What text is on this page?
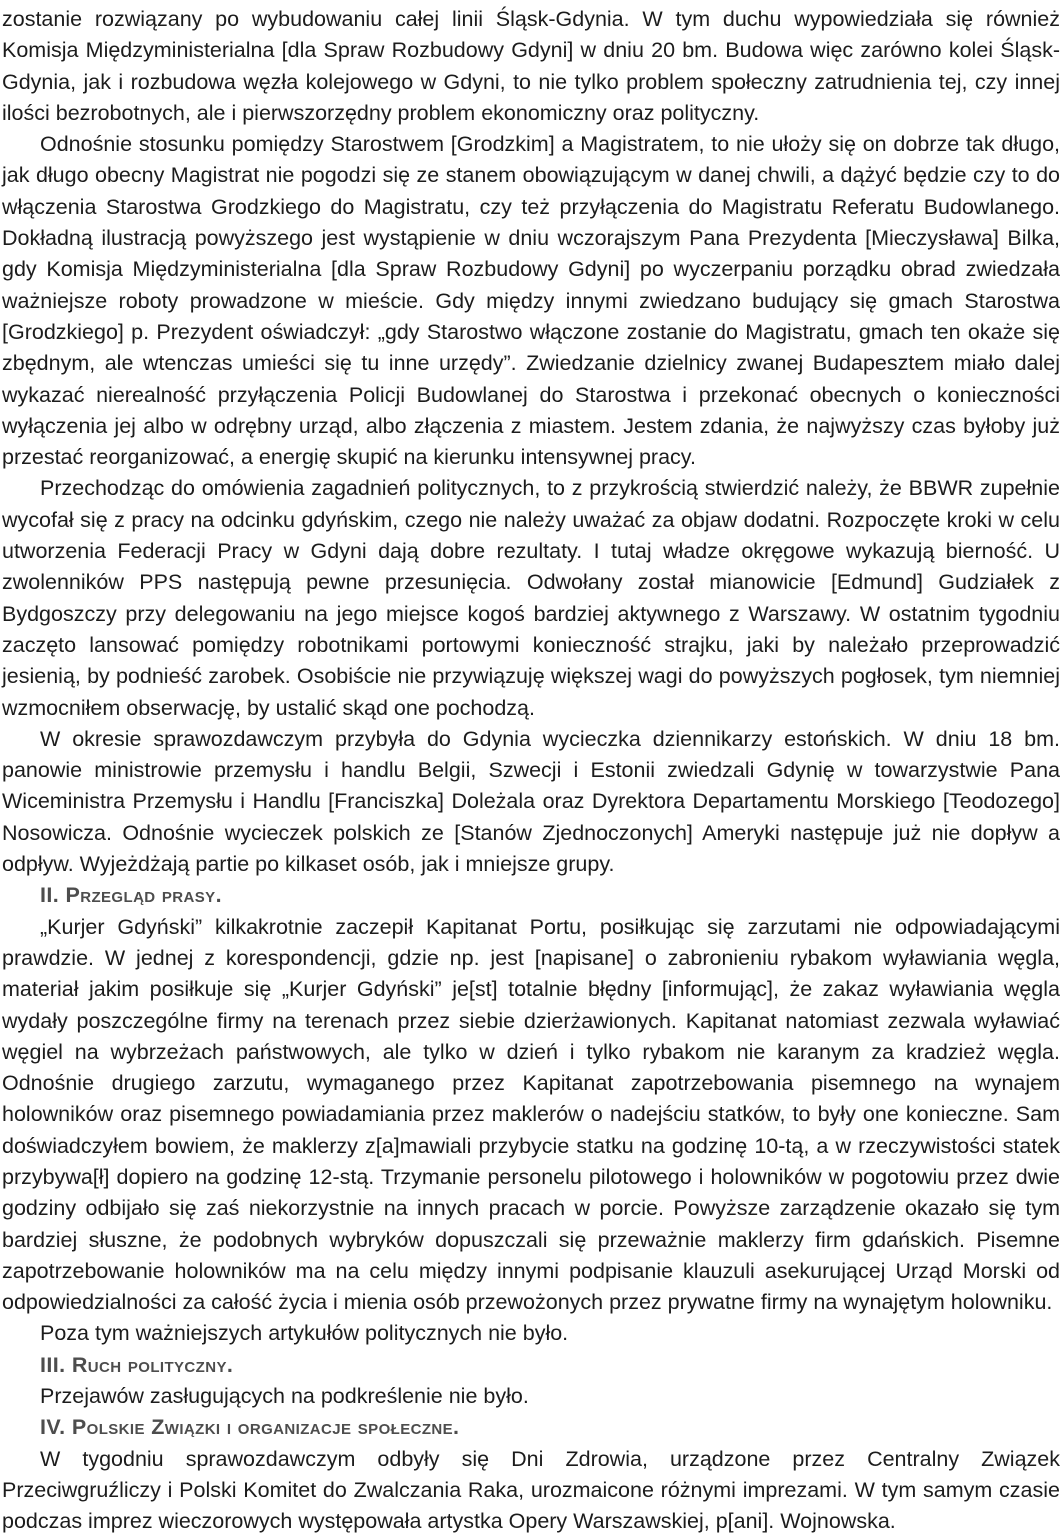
zostanie rozwiązany po wybudowaniu całej linii Śląsk-Gdynia. W tym duchu wypowiedziała się również Komisja Międzyministerialna [dla Spraw Rozbudowy Gdyni] w dniu 20 bm. Budowa więc zarówno kolei Śląsk-Gdynia, jak i rozbudowa węzła kolejowego w Gdyni, to nie tylko problem społeczny zatrudnienia tej, czy innej ilości bezrobotnych, ale i pierwszorzędny problem ekonomiczny oraz polityczny.

Odnośnie stosunku pomiędzy Starostwem [Grodzkim] a Magistratem, to nie ułoży się on dobrze tak długo, jak długo obecny Magistrat nie pogodzi się ze stanem obowiązującym w danej chwili, a dążyć będzie czy to do włączenia Starostwa Grodzkiego do Magistratu, czy też przyłączenia do Magistratu Referatu Budowlanego. Dokładną ilustracją powyższego jest wystąpienie w dniu wczorajszym Pana Prezydenta [Mieczysława] Bilka, gdy Komisja Międzyministerialna [dla Spraw Rozbudowy Gdyni] po wyczerpaniu porządku obrad zwiedzała ważniejsze roboty prowadzone w mieście. Gdy między innymi zwiedzano budujący się gmach Starostwa [Grodzkiego] p. Prezydent oświadczył: „gdy Starostwo włączone zostanie do Magistratu, gmach ten okaże się zbędnym, ale wtenczas umieści się tu inne urzędy”. Zwiedzanie dzielnicy zwanej Budapesztem miało dalej wykazać nierealność przyłączenia Policji Budowlanej do Starostwa i przekonać obecnych o konieczności wyłączenia jej albo w odrębny urząd, albo złączenia z miastem. Jestem zdania, że najwyższy czas byłoby już przestać reorganizować, a energię skupić na kierunku intensywnej pracy.

Przechodząc do omówienia zagadnień politycznych, to z przykrością stwierdzić należy, że BBWR zupełnie wycofał się z pracy na odcinku gdyńskim, czego nie należy uważać za objaw dodatni. Rozpoczęte kroki w celu utworzenia Federacji Pracy w Gdyni dają dobre rezultaty. I tutaj władze okręgowe wykazują bierność. U zwolenników PPS następują pewne przesunięcia. Odwołany został mianowicie [Edmund] Gudziałek z Bydgoszczy przy delegowaniu na jego miejsce kogoś bardziej aktywnego z Warszawy. W ostatnim tygodniu zaczęto lansować pomiędzy robotnikami portowymi konieczność strajku, jaki by należało przeprowadzić jesienią, by podnieść zarobek. Osobiście nie przywiązuję większej wagi do powyższych pogłosek, tym niemniej wzmocniłem obserwację, by ustalić skąd one pochodzą.

W okresie sprawozdawczym przybyła do Gdynia wycieczka dziennikarzy estońskich. W dniu 18 bm. panowie ministrowie przemysłu i handlu Belgii, Szwecji i Estonii zwiedzali Gdynię w towarzystwie Pana Wiceministra Przemysłu i Handlu [Franciszka] Doleżala oraz Dyrektora Departamentu Morskiego [Teodozego] Nosowicza. Odnośnie wycieczek polskich ze [Stanów Zjednoczonych] Ameryki następuje już nie dopływ a odpływ. Wyjeżdżają partie po kilkaset osób, jak i mniejsze grupy.

II. Przegląd prasy.

„Kurjer Gdyński” kilkakrotnie zaczepił Kapitanat Portu, posiłkując się zarzutami nie odpowiadającymi prawdzie. W jednej z korespondencji, gdzie np. jest [napisane] o zabronieniu rybakom wyławiania węgla, materiał jakim posiłkuje się „Kurjer Gdyński” je[st] totalnie błędny [informując], że zakaz wyławiania węgla wydały poszczególne firmy na terenach przez siebie dzierżawionych. Kapitanat natomiast zezwala wyławiać węgiel na wybrzeżach państwowych, ale tylko w dzień i tylko rybakom nie karanym za kradzież węgla. Odnośnie drugiego zarzutu, wymaganego przez Kapitanat zapotrzebowania pisemnego na wynajem holowników oraz pisemnego powiadamiania przez maklerów o nadejściu statków, to były one konieczne. Sam doświadczyłem bowiem, że maklerzy z[a]mawiali przybycie statku na godzinę 10-tą, a w rzeczywistości statek przybywa[ł] dopiero na godzinę 12-stą. Trzymanie personelu pilotowego i holowników w pogotowiu przez dwie godziny odbijało się zaś niekorzystnie na innych pracach w porcie. Powyższe zarządzenie okazało się tym bardziej słuszne, że podobnych wybryków dopuszczali się przeważnie maklerzy firm gdańskich. Pisemne zapotrzebowanie holowników ma na celu między innymi podpisanie klauzuli asekurującej Urząd Morski od odpowiedzialności za całość życia i mienia osób przewożonych przez prywatne firmy na wynajętym holowniku.

Poza tym ważniejszych artykułów politycznych nie było.

III. Ruch polityczny.

Przejawów zasługujących na podkreślenie nie było.

IV. Polskie Związki i organizacje społeczne.

W tygodniu sprawozdawczym odbyły się Dni Zdrowia, urządzone przez Centralny Związek Przeciwgruźliczy i Polski Komitet do Zwalczania Raka, urozmaicone różnymi imprezami. W tym samym czasie podczas imprez wieczorowych występowała artystka Opery Warszawskiej, p[ani]. Wojnowska.
